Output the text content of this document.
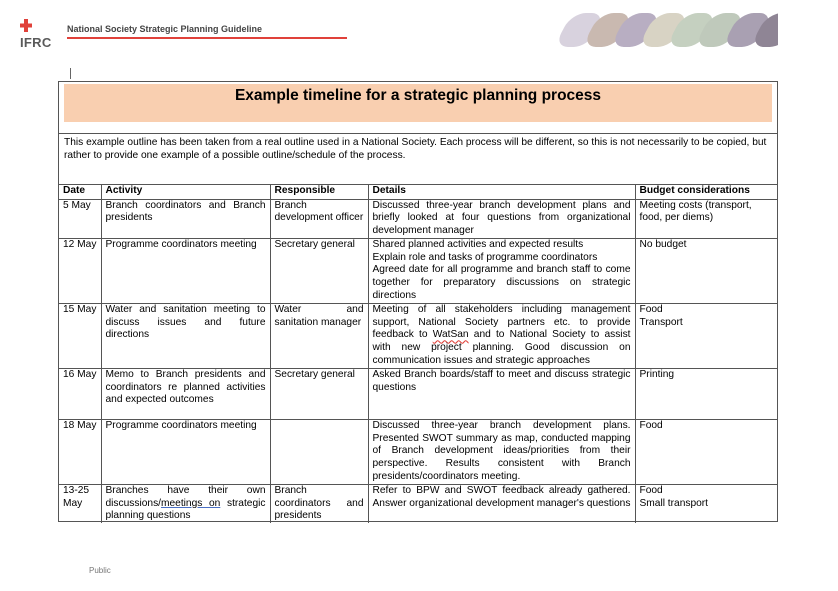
IFRC
National Society Strategic Planning Guideline
Example timeline for a strategic planning process
This example outline has been taken from a real outline used in a National Society. Each process will be different, so this is not necessarily to be copied, but rather to provide one example of a possible outline/schedule of the process.
Date	Activity	Responsible	Details	Budget considerations
5 May	Branch coordinators and Branch presidents	Branch development officer	Discussed three-year branch development plans and briefly looked at four questions from organizational development manager	Meeting costs (transport, food, per diems)
12 May	Programme coordinators meeting	Secretary general	Shared planned activities and expected results
Explain role and tasks of programme coordinators
Agreed date for all programme and branch staff to come together for preparatory discussions on strategic directions	No budget
15 May	Water and sanitation meeting to discuss issues and future directions	Water and sanitation manager	Meeting of all stakeholders including management support, National Society partners etc. to provide feedback to WatSan and to National Society to assist with new project planning. Good discussion on communication issues and strategic approaches	Food
Transport

16 May	Memo to Branch presidents and coordinators re planned activities and expected outcomes	Secretary general	Asked Branch boards/staff to meet and discuss strategic questions	Printing
18 May	Programme coordinators meeting		Discussed three-year branch development plans. Presented SWOT summary as map, conducted mapping of Branch development ideas/priorities from their perspective. Results consistent with Branch presidents/coordinators meeting.	Food
13-25 May	Branches have their own discussions/meetings on strategic planning questions	Branch coordinators and presidents	Refer to BPW and SWOT feedback already gathered. Answer organizational development manager's questions	Food
Small transport
Public
